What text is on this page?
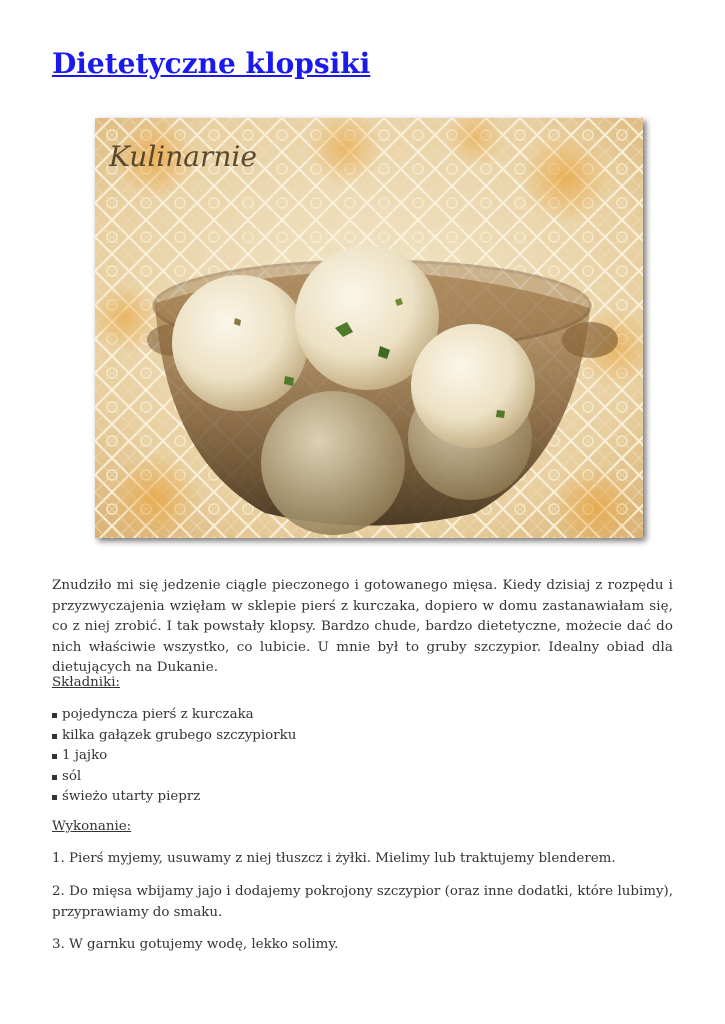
Dietetyczne klopsiki
Kulinarnie

Znudziło mi się jedzenie ciągle pieczonego i gotowanego mięsa. Kiedy dzisiaj z rozpędu i przyzwyczajenia wzięłam w sklepie pierś z kurczaka, dopiero w domu zastanawiałam się, co z niej zrobić. I tak powstały klopsy. Bardzo chude, bardzo dietetyczne, możecie dać do nich właściwie wszystko, co lubicie. U mnie był to gruby szczypior. Idealny obiad dla dietujących na Dukanie.

Składniki:

pojedyncza pierś z kurczaka
kilka gałązek grubego szczypiorku
1 jajko
sól
świeżo utarty pieprz

Wykonanie:

1. Pierś myjemy, usuwamy z niej tłuszcz i żyłki. Mielimy lub traktujemy blenderem.

2. Do mięsa wbijamy jajo i dodajemy pokrojony szczypior (oraz inne dodatki, które lubimy), przyprawiamy do smaku.

3. W garnku gotujemy wodę, lekko solimy.
